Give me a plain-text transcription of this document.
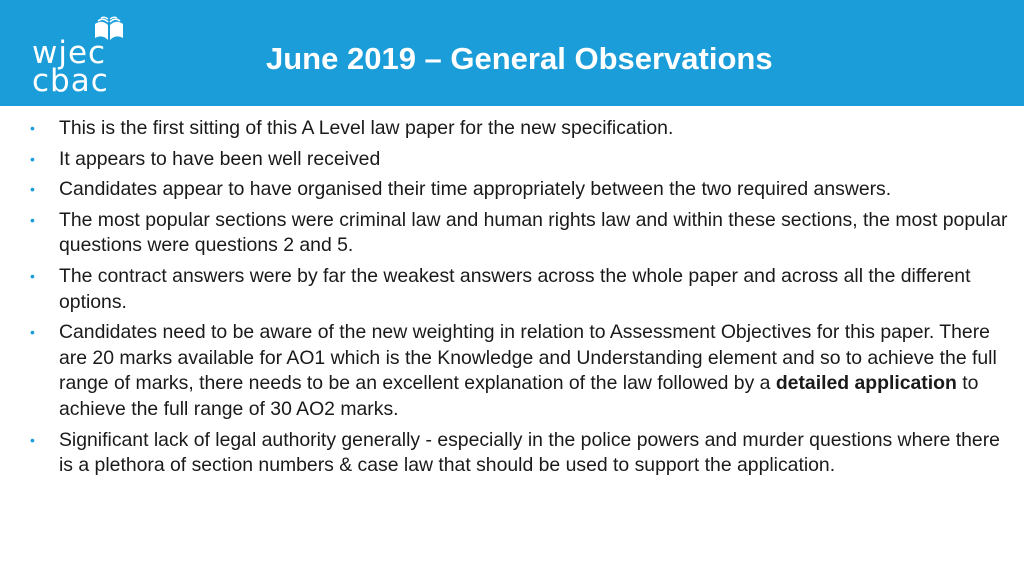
wjec
cbac
June 2019 – General Observations
• This is the first sitting of this A Level law paper for the new specification.
• It appears to have been well received
• Candidates appear to have organised their time appropriately between the two required answers.
• The most popular sections were criminal law and human rights law and within these sections, the most popular questions were questions 2 and 5.
• The contract answers were by far the weakest answers across the whole paper and across all the different options.
• Candidates need to be aware of the new weighting in relation to Assessment Objectives for this paper. There are 20 marks available for AO1 which is the Knowledge and Understanding element and so to achieve the full range of marks, there needs to be an excellent explanation of the law followed by a detailed application to achieve the full range of 30 AO2 marks.
• Significant lack of legal authority generally - especially in the police powers and murder questions where there is a plethora of section numbers & case law that should be used to support the application.
